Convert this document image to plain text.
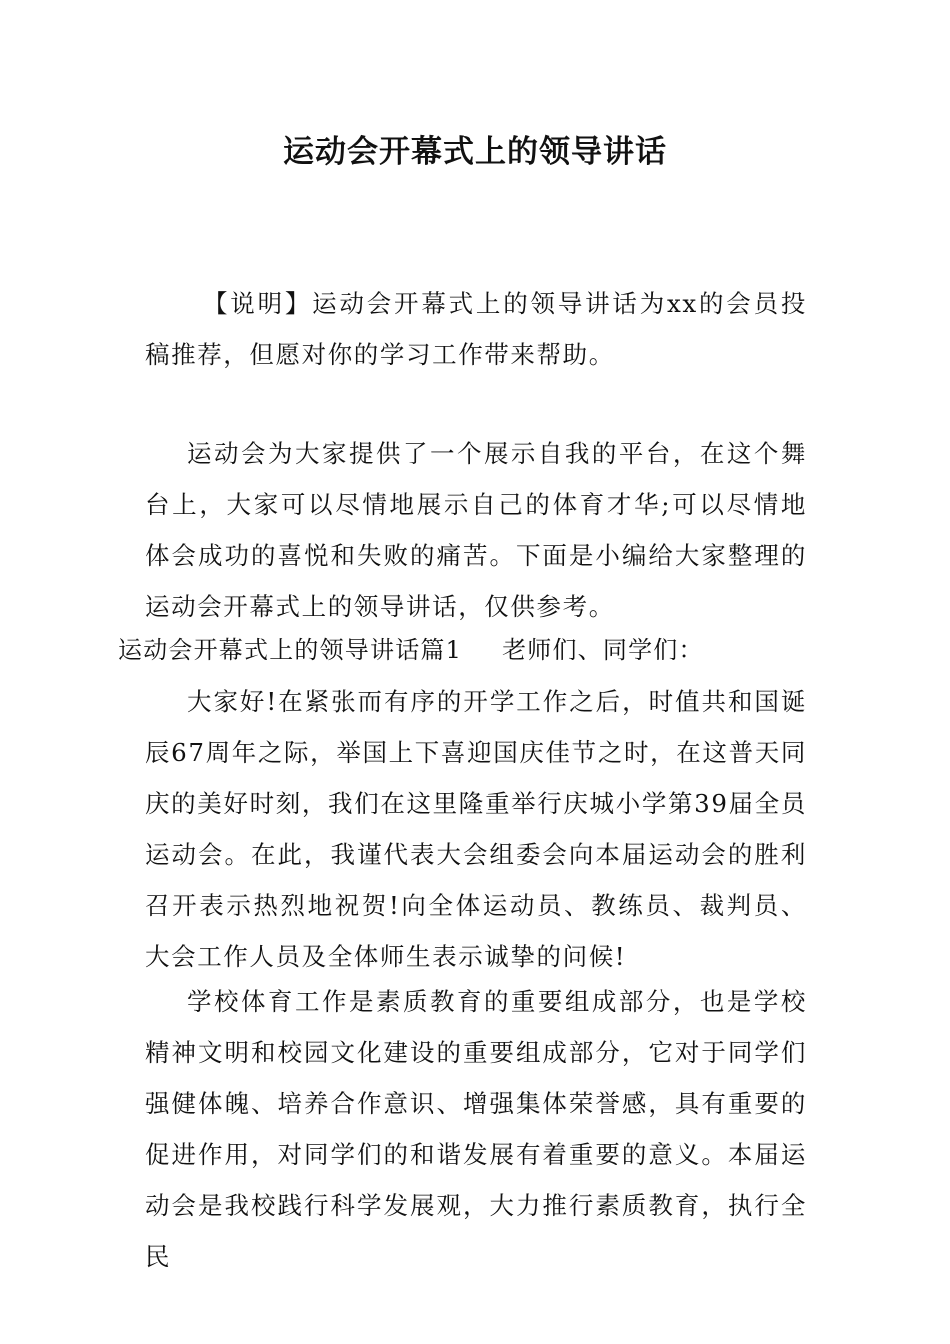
运动会开幕式上的领导讲话

【说明】运动会开幕式上的领导讲话为xx的会员投稿推荐，但愿对你的学习工作带来帮助。

运动会为大家提供了一个展示自我的平台，在这个舞台上，大家可以尽情地展示自己的体育才华;可以尽情地体会成功的喜悦和失败的痛苦。下面是小编给大家整理的运动会开幕式上的领导讲话，仅供参考。

运动会开幕式上的领导讲话篇1 老师们、同学们：

大家好!在紧张而有序的开学工作之后，时值共和国诞辰67周年之际，举国上下喜迎国庆佳节之时，在这普天同庆的美好时刻，我们在这里隆重举行庆城小学第39届全员运动会。在此，我谨代表大会组委会向本届运动会的胜利召开表示热烈地祝贺!向全体运动员、教练员、裁判员、大会工作人员及全体师生表示诚挚的问候!

学校体育工作是素质教育的重要组成部分，也是学校精神文明和校园文化建设的重要组成部分，它对于同学们强健体魄、培养合作意识、增强集体荣誉感，具有重要的促进作用，对同学们的和谐发展有着重要的意义。本届运动会是我校践行科学发展观，大力推行素质教育，执行全民
